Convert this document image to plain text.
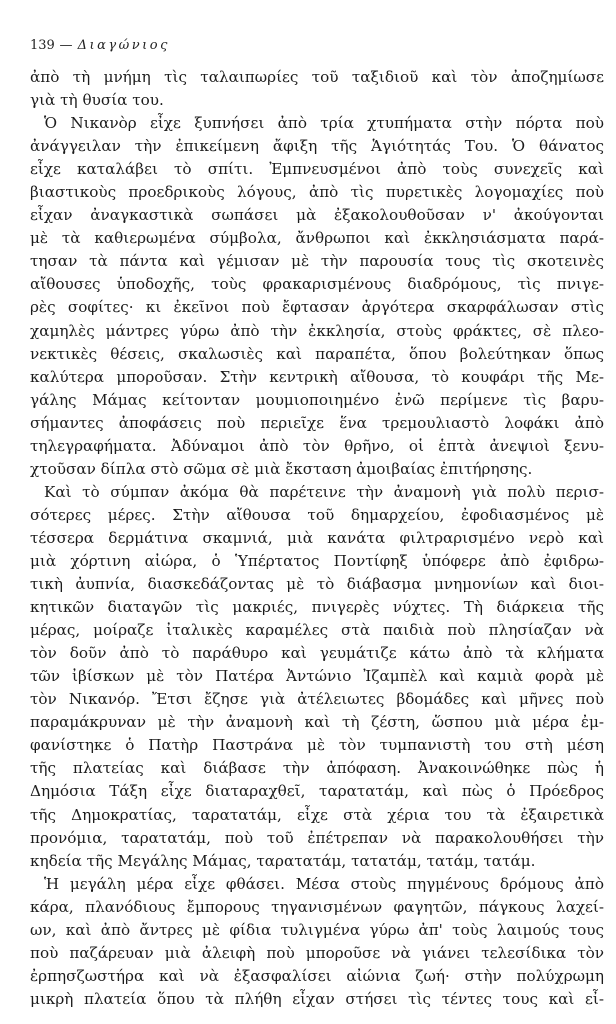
139 — Διαγώνιος
ἀπὸ τὴ μνήμη τὶς ταλαιπωρίες τοῦ ταξιδιοῦ καὶ τὸν ἀποζημίωσε
γιὰ τὴ θυσία του.
Ὁ Νικανὸρ εἶχε ξυπνήσει ἀπὸ τρία χτυπήματα στὴν πόρτα ποὺ
ἀνάγγειλαν τὴν ἐπικείμενη ἄφιξη τῆς Ἁγιότητάς Του. Ὁ θάνατος
εἶχε καταλάβει τὸ σπίτι. Ἐμπνευσμένοι ἀπὸ τοὺς συνεχεῖς καὶ
βιαστικοὺς προεδρικοὺς λόγους, ἀπὸ τὶς πυρετικὲς λογομαχίες ποὺ
εἶχαν ἀναγκαστικὰ σωπάσει μὰ ἐξακολουθοῦσαν ν' ἀκούγονται
μὲ τὰ καθιερωμένα σύμβολα, ἄνθρωποι καὶ ἐκκλησιάσματα παρά-
τησαν τὰ πάντα καὶ γέμισαν μὲ τὴν παρουσία τους τὶς σκοτεινὲς
αἴθουσες ὑποδοχῆς, τοὺς φρακαρισμένους διαδρόμους, τὶς πνιγε-
ρὲς σοφίτες· κι ἐκεῖνοι ποὺ ἔφτασαν ἀργότερα σκαρφάλωσαν στὶς
χαμηλὲς μάντρες γύρω ἀπὸ τὴν ἐκκλησία, στοὺς φράκτες, σὲ πλεο-
νεκτικὲς θέσεις, σκαλωσιὲς καὶ παραπέτα, ὅπου βολεύτηκαν ὅπως
καλύτερα μποροῦσαν. Στὴν κεντρικὴ αἴθουσα, τὸ κουφάρι τῆς Με-
γάλης Μάμας κείτονταν μουμιοποιημένο ἐνῶ περίμενε τὶς βαρυ-
σήμαντες ἀποφάσεις ποὺ περιεῖχε ἕνα τρεμουλιαστὸ λοφάκι ἀπὸ
τηλεγραφήματα. Ἀδύναμοι ἀπὸ τὸν θρῆνο, οἱ ἑπτὰ ἀνεψιοὶ ξενυ-
χτοῦσαν δίπλα στὸ σῶμα σὲ μιὰ ἔκσταση ἀμοιβαίας ἐπιτήρησης.
Καὶ τὸ σύμπαν ἀκόμα θὰ παρέτεινε τὴν ἀναμονὴ γιὰ πολὺ περισ-
σότερες μέρες. Στὴν αἴθουσα τοῦ δημαρχείου, ἐφοδιασμένος μὲ
τέσσερα δερμάτινα σκαμνιά, μιὰ κανάτα φιλτραρισμένο νερὸ καὶ
μιὰ χόρτινη αἰώρα, ὁ Ὑπέρτατος Ποντίφηξ ὑπόφερε ἀπὸ ἐφιδρω-
τικὴ ἀυπνία, διασκεδάζοντας μὲ τὸ διάβασμα μνημονίων καὶ διοι-
κητικῶν διαταγῶν τὶς μακριές, πνιγερὲς νύχτες. Τὴ διάρκεια τῆς
μέρας, μοίραζε ἰταλικὲς καραμέλες στὰ παιδιὰ ποὺ πλησίαζαν νὰ
τὸν δοῦν ἀπὸ τὸ παράθυρο καὶ γευμάτιζε κάτω ἀπὸ τὰ κλήματα
τῶν ἰβίσκων μὲ τὸν Πατέρα Ἀντώνιο Ἰζαμπὲλ καὶ καμιὰ φορὰ μὲ
τὸν Νικανόρ. Ἔτσι ἔζησε γιὰ ἀτέλειωτες βδομάδες καὶ μῆνες ποὺ
παραμάκρυναν μὲ τὴν ἀναμονὴ καὶ τὴ ζέστη, ὥσπου μιὰ μέρα ἐμ-
φανίστηκε ὁ Πατὴρ Παστράνα μὲ τὸν τυμπανιστὴ του στὴ μέση
τῆς πλατείας καὶ διάβασε τὴν ἀπόφαση. Ἀνακοινώθηκε πὼς ἡ
Δημόσια Τάξη εἶχε διαταραχθεῖ, ταρατατάμ, καὶ πὼς ὁ Πρόεδρος
τῆς Δημοκρατίας, ταρατατάμ, εἶχε στὰ χέρια του τὰ ἐξαιρετικὰ
προνόμια, ταρατατάμ, ποὺ τοῦ ἐπέτρεπαν νὰ παρακολουθήσει τὴν
κηδεία τῆς Μεγάλης Μάμας, ταρατατάμ, τατατάμ, τατάμ, τατάμ.
Ἡ μεγάλη μέρα εἶχε φθάσει. Μέσα στοὺς πηγμένους δρόμους ἀπὸ
κάρα, πλανόδιους ἔμπορους τηγανισμένων φαγητῶν, πάγκους λαχεί-
ων, καὶ ἀπὸ ἄντρες μὲ φίδια τυλιγμένα γύρω ἀπ' τοὺς λαιμούς τους
ποὺ παζάρευαν μιὰ ἀλειφὴ ποὺ μποροῦσε νὰ γιάνει τελεσίδικα τὸν
ἐρπησζωστήρα καὶ νὰ ἐξασφαλίσει αἰώνια ζωή· στὴν πολύχρωμη
μικρὴ πλατεία ὅπου τὰ πλήθη εἶχαν στήσει τὶς τέντες τους καὶ εἶ-
